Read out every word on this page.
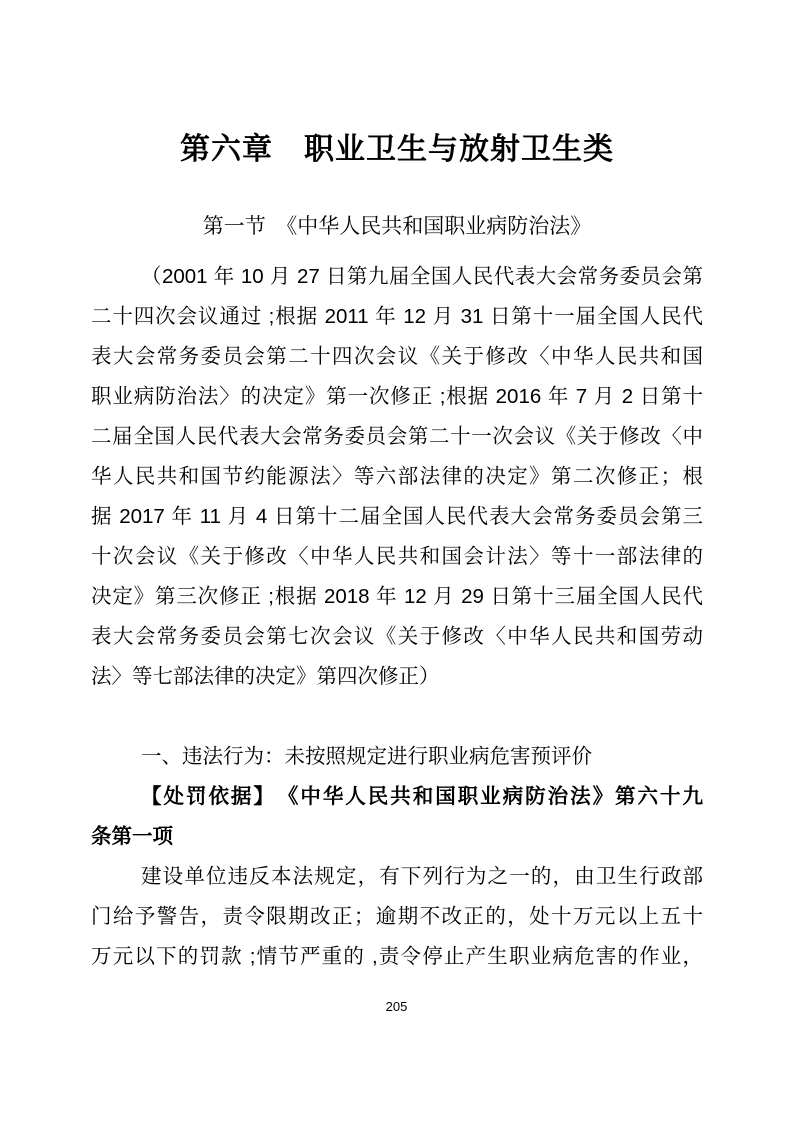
第六章　职业卫生与放射卫生类
第一节　《中华人民共和国职业病防治法》
（2001 年 10 月 27 日第九届全国人民代表大会常务委员会第
二十四次会议通过 ;根据 2011 年 12 月 31 日第十一届全国人民代
表大会常务委员会第二十四次会议《关于修改〈中华人民共和国
职业病防治法〉的决定》第一次修正 ;根据 2016 年 7 月 2 日第十
二届全国人民代表大会常务委员会第二十一次会议《关于修改〈中
华人民共和国节约能源法〉等六部法律的决定》第二次修正；根
据 2017 年 11 月 4 日第十二届全国人民代表大会常务委员会第三
十次会议《关于修改〈中华人民共和国会计法〉等十一部法律的
决定》第三次修正 ;根据 2018 年 12 月 29 日第十三届全国人民代
表大会常务委员会第七次会议《关于修改〈中华人民共和国劳动
法〉等七部法律的决定》第四次修正）
一、违法行为：未按照规定进行职业病危害预评价
【处罚依据】　《中华人民共和国职业病防治法》第六十九
条第一项
建设单位违反本法规定，有下列行为之一的，由卫生行政部
门给予警告，责令限期改正；逾期不改正的，处十万元以上五十
万元以下的罚款 ;情节严重的 ,责令停止产生职业病危害的作业，
205
